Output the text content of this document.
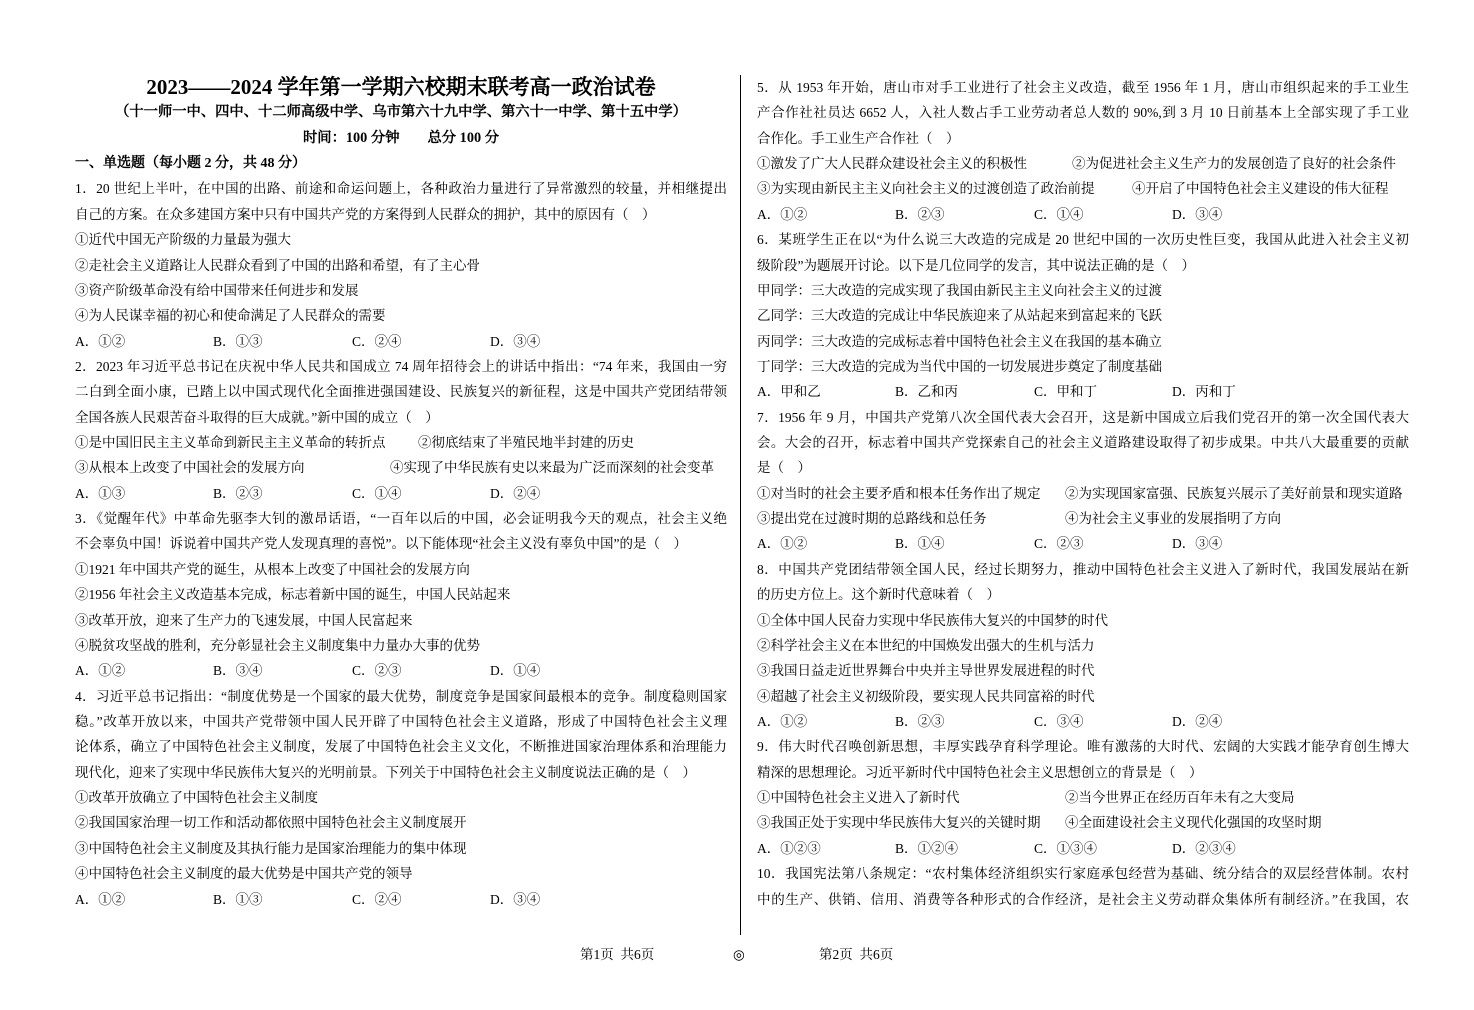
2023——2024 学年第一学期六校期末联考高一政治试卷
（十一师一中、四中、十二师高级中学、乌市第六十九中学、第六十一中学、第十五中学）
时间：100 分钟 总分 100 分
一、单选题（每小题 2 分，共 48 分）
1．20 世纪上半叶，在中国的出路、前途和命运问题上，各种政治力量进行了异常激烈的较量，并相继提出
自己的方案。在众多建国方案中只有中国共产党的方案得到人民群众的拥护，其中的原因有（　）
①近代中国无产阶级的力量最为强大
②走社会主义道路让人民群众看到了中国的出路和希望，有了主心骨
③资产阶级革命没有给中国带来任何进步和发展
④为人民谋幸福的初心和使命满足了人民群众的需要
A．①②	B．①③	C．②④	D．③④
2．2023 年习近平总书记在庆祝中华人民共和国成立 74 周年招待会上的讲话中指出：“74 年来，我国由一穷
二白到全面小康，已踏上以中国式现代化全面推进强国建设、民族复兴的新征程，这是中国共产党团结带领
全国各族人民艰苦奋斗取得的巨大成就。”新中国的成立（　）
①是中国旧民主主义革命到新民主主义革命的转折点 ②彻底结束了半殖民地半封建的历史
③从根本上改变了中国社会的发展方向	④实现了中华民族有史以来最为广泛而深刻的社会变革
A．①③	B．②③	C．①④	D．②④
3．《觉醒年代》中革命先驱李大钊的激昂话语，“一百年以后的中国，必会证明我今天的观点，社会主义绝
不会辜负中国！诉说着中国共产党人发现真理的喜悦”。以下能体现“社会主义没有辜负中国”的是（　）
①1921 年中国共产党的诞生，从根本上改变了中国社会的发展方向
②1956 年社会主义改造基本完成，标志着新中国的诞生，中国人民站起来
③改革开放，迎来了生产力的飞速发展，中国人民富起来
④脱贫攻坚战的胜利，充分彰显社会主义制度集中力量办大事的优势
A．①②	B．③④	C．②③	D．①④
4．习近平总书记指出：“制度优势是一个国家的最大优势，制度竞争是国家间最根本的竞争。制度稳则国家
稳。”改革开放以来，中国共产党带领中国人民开辟了中国特色社会主义道路，形成了中国特色社会主义理
论体系，确立了中国特色社会主义制度，发展了中国特色社会主义文化，不断推进国家治理体系和治理能力
现代化，迎来了实现中华民族伟大复兴的光明前景。下列关于中国特色社会主义制度说法正确的是（　）
①改革开放确立了中国特色社会主义制度
②我国国家治理一切工作和活动都依照中国特色社会主义制度展开
③中国特色社会主义制度及其执行能力是国家治理能力的集中体现
④中国特色社会主义制度的最大优势是中国共产党的领导
A．①②	B．①③	C．②④	D．③④
5．从 1953 年开始，唐山市对手工业进行了社会主义改造，截至 1956 年 1 月，唐山市组织起来的手工业生
产合作社社员达 6652 人，入社人数占手工业劳动者总人数的 90%,到 3 月 10 日前基本上全部实现了手工业
合作化。手工业生产合作社（　）
①激发了广大人民群众建设社会主义的积极性	②为促进社会主义生产力的发展创造了良好的社会条件
③为实现由新民主主义向社会主义的过渡创造了政治前提	④开启了中国特色社会主义建设的伟大征程
A．①②	B．②③	C．①④	D．③④
6．某班学生正在以“为什么说三大改造的完成是 20 世纪中国的一次历史性巨变，我国从此进入社会主义初
级阶段”为题展开讨论。以下是几位同学的发言，其中说法正确的是（　）
甲同学：三大改造的完成实现了我国由新民主主义向社会主义的过渡
乙同学：三大改造的完成让中华民族迎来了从站起来到富起来的飞跃
丙同学：三大改造的完成标志着中国特色社会主义在我国的基本确立
丁同学：三大改造的完成为当代中国的一切发展进步奠定了制度基础
A．甲和乙	B．乙和丙	C．甲和丁	D．丙和丁
7．1956 年 9 月，中国共产党第八次全国代表大会召开，这是新中国成立后我们党召开的第一次全国代表大
会。大会的召开，标志着中国共产党探索自己的社会主义道路建设取得了初步成果。中共八大最重要的贡献
是（　）
①对当时的社会主要矛盾和根本任务作出了规定 ②为实现国家富强、民族复兴展示了美好前景和现实道路
③提出党在过渡时期的总路线和总任务	④为社会主义事业的发展指明了方向
A．①②	B．①④	C．②③	D．③④
8．中国共产党团结带领全国人民，经过长期努力，推动中国特色社会主义进入了新时代，我国发展站在新
的历史方位上。这个新时代意味着（　）
①全体中国人民奋力实现中华民族伟大复兴的中国梦的时代
②科学社会主义在本世纪的中国焕发出强大的生机与活力
③我国日益走近世界舞台中央并主导世界发展进程的时代
④超越了社会主义初级阶段，要实现人民共同富裕的时代
A．①②	B．②③	C．③④	D．②④
9．伟大时代召唤创新思想，丰厚实践孕育科学理论。唯有激荡的大时代、宏阔的大实践才能孕育创生博大
精深的思想理论。习近平新时代中国特色社会主义思想创立的背景是（　）
①中国特色社会主义进入了新时代	②当今世界正在经历百年未有之大变局
③我国正处于实现中华民族伟大复兴的关键时期 ④全面建设社会主义现代化强国的攻坚时期
A．①②③	B．①②④	C．①③④	D．②③④
10．我国宪法第八条规定：“农村集体经济组织实行家庭承包经营为基础、统分结合的双层经营体制。农村
中的生产、供销、信用、消费等各种形式的合作经济，是社会主义劳动群众集体所有制经济。”在我国，农
第1页  共6页	◎	第2页  共6页
